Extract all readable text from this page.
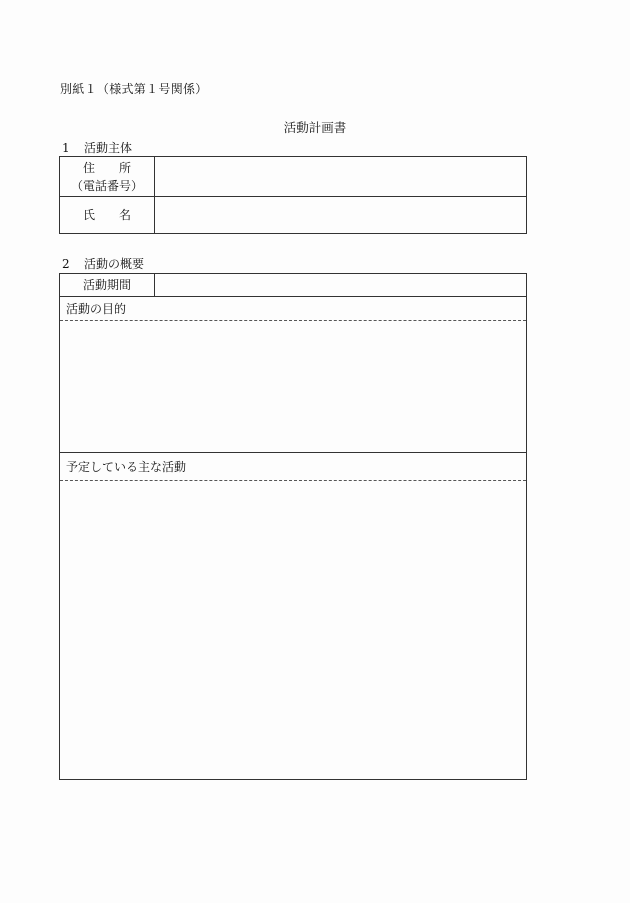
別紙１（様式第１号関係）
活動計画書
1 活動主体
住　　所
（電話番号）
氏　　名
2 活動の概要
活動期間
活動の目的
予定している主な活動
